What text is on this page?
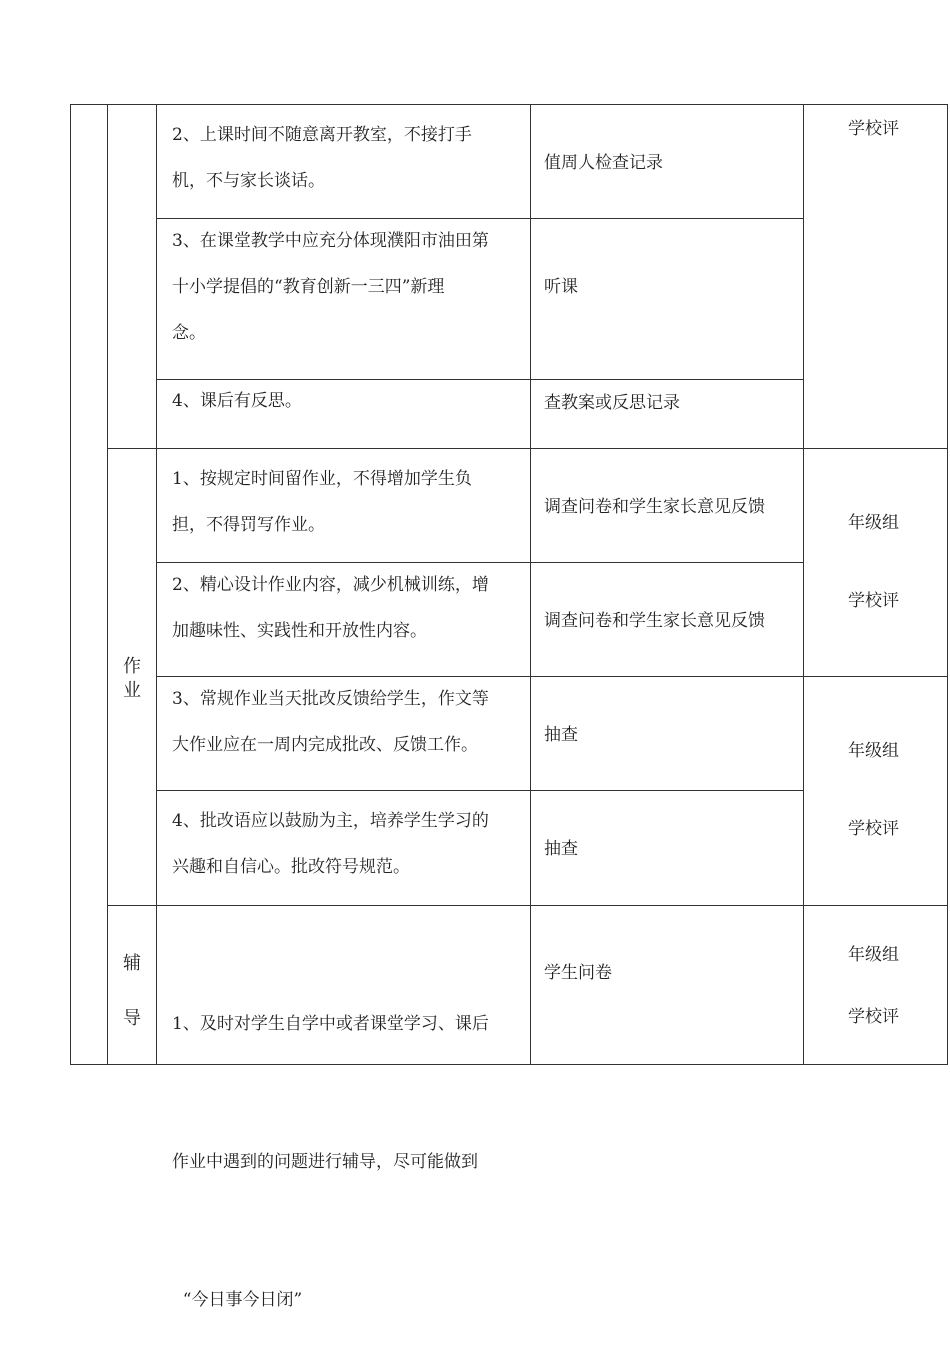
2、上课时间不随意离开教室，不接打手
机，不与家长谈话。
3、在课堂教学中应充分体现濮阳市油田第
十小学提倡的“教育创新一三四”新理
念。
4、课后有反思。
1、按规定时间留作业，不得增加学生负
担，不得罚写作业。
2、精心设计作业内容，减少机械训练，增
加趣味性、实践性和开放性内容。
3、常规作业当天批改反馈给学生，作文等
大作业应在一周内完成批改、反馈工作。
4、批改语应以鼓励为主，培养学生学习的
兴趣和自信心。批改符号规范。

1、及时对学生自学中或者课堂学习、课后

作业中遇到的问题进行辅导，尽可能做到

“今日事今日闭”

值周人检查记录
听课
查教案或反思记录
调查问卷和学生家长意见反馈
调查问卷和学生家长意见反馈
抽查
抽查
学生问卷
学校评
年级组
学校评
年级组
学校评
年级组
学校评
作
业
辅
导
